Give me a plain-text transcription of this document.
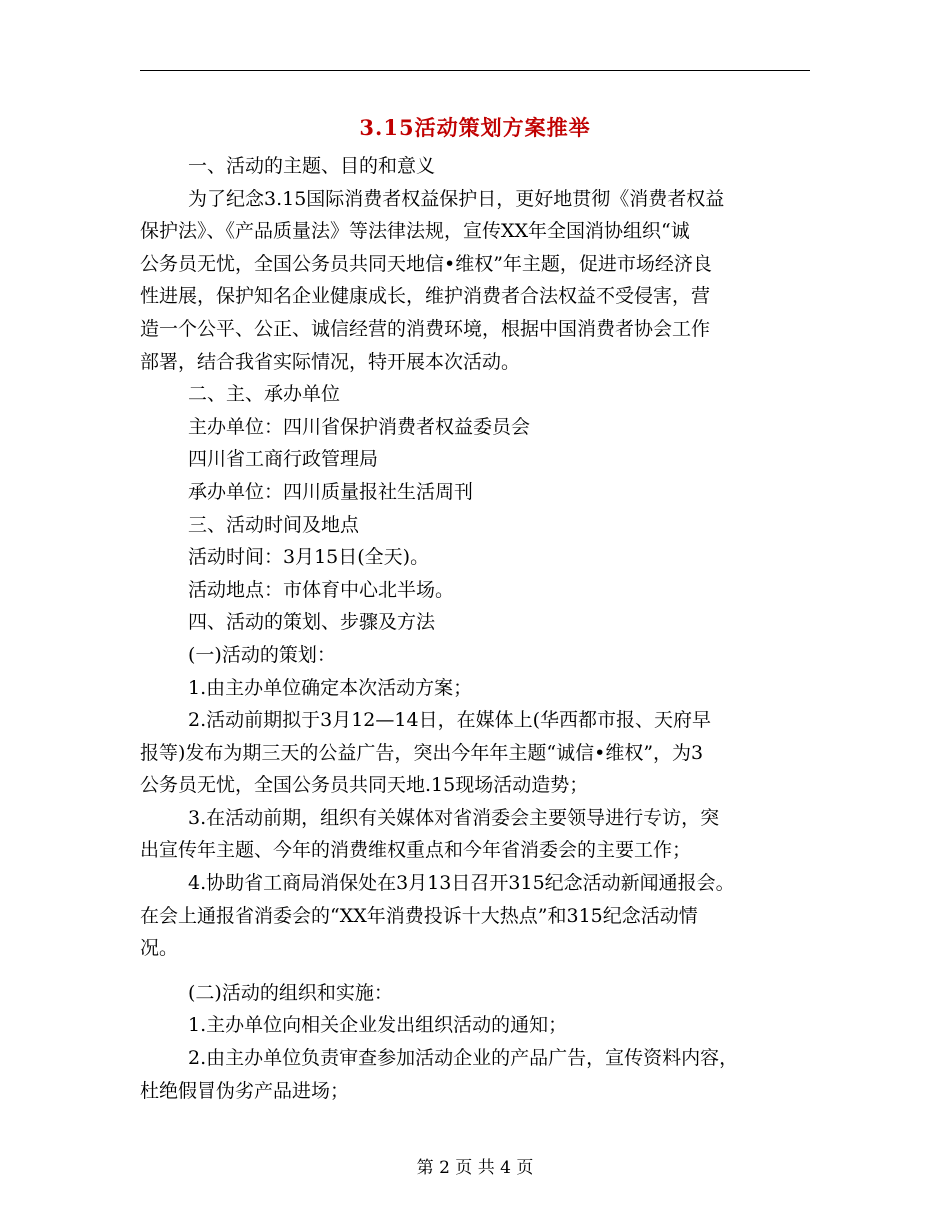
3.15活动策划方案推举
一、活动的主题、目的和意义
为了纪念3.15国际消费者权益保护日，更好地贯彻《消费者权益
保护法》、《产品质量法》等法律法规，宣传XX年全国消协组织“诚
公务员无忧，全国公务员共同天地信•维权”年主题，促进市场经济良
性进展，保护知名企业健康成长，维护消费者合法权益不受侵害，营
造一个公平、公正、诚信经营的消费环境，根据中国消费者协会工作
部署，结合我省实际情况，特开展本次活动。
二、主、承办单位
主办单位：四川省保护消费者权益委员会
四川省工商行政管理局
承办单位：四川质量报社生活周刊
三、活动时间及地点
活动时间：3月15日(全天)。
活动地点：市体育中心北半场。
四、活动的策划、步骤及方法
(一)活动的策划：
1.由主办单位确定本次活动方案；
2.活动前期拟于3月12—14日，在媒体上(华西都市报、天府早
报等)发布为期三天的公益广告，突出今年年主题“诚信•维权”，为3
公务员无忧，全国公务员共同天地.15现场活动造势；
3.在活动前期，组织有关媒体对省消委会主要领导进行专访，突
出宣传年主题、今年的消费维权重点和今年省消委会的主要工作；
4.协助省工商局消保处在3月13日召开315纪念活动新闻通报会。
在会上通报省消委会的“XX年消费投诉十大热点”和315纪念活动情
况。
(二)活动的组织和实施：
1.主办单位向相关企业发出组织活动的通知；
2.由主办单位负责审查参加活动企业的产品广告，宣传资料内容，
杜绝假冒伪劣产品进场；
第 2 页 共 4 页
